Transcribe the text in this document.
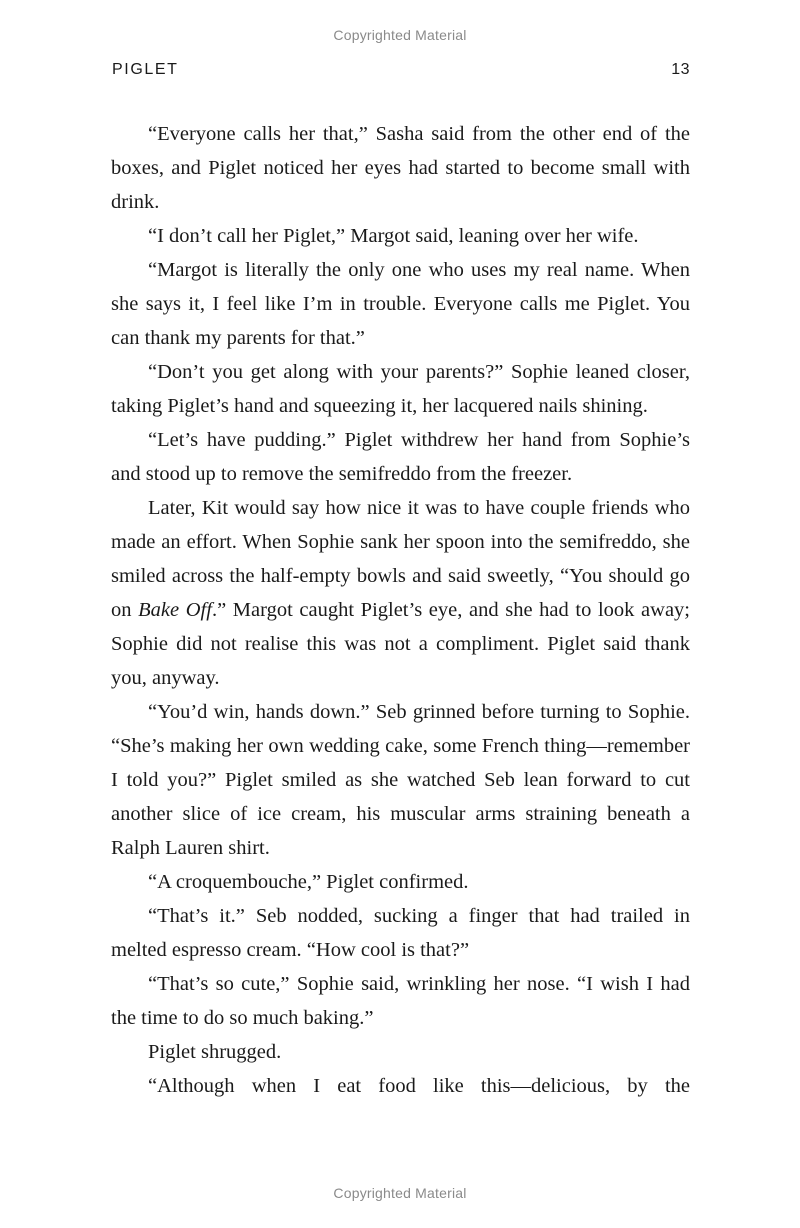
Copyrighted Material
PIGLET	13

“Everyone calls her that,” Sasha said from the other end of the boxes, and Piglet noticed her eyes had started to become small with drink.

“I don’t call her Piglet,” Margot said, leaning over her wife.

“Margot is literally the only one who uses my real name. When she says it, I feel like I’m in trouble. Everyone calls me Piglet. You can thank my parents for that.”

“Don’t you get along with your parents?” Sophie leaned closer, taking Piglet’s hand and squeezing it, her lacquered nails shining.

“Let’s have pudding.” Piglet withdrew her hand from Sophie’s and stood up to remove the semifreddo from the freezer.

Later, Kit would say how nice it was to have couple friends who made an effort. When Sophie sank her spoon into the semifreddo, she smiled across the half-empty bowls and said sweetly, “You should go on Bake Off.” Margot caught Piglet’s eye, and she had to look away; Sophie did not realise this was not a compliment. Piglet said thank you, anyway.

“You’d win, hands down.” Seb grinned before turning to Sophie. “She’s making her own wedding cake, some French thing—remember I told you?” Piglet smiled as she watched Seb lean forward to cut another slice of ice cream, his muscular arms straining beneath a Ralph Lauren shirt.

“A croquembouche,” Piglet confirmed.

“That’s it.” Seb nodded, sucking a finger that had trailed in melted espresso cream. “How cool is that?”

“That’s so cute,” Sophie said, wrinkling her nose. “I wish I had the time to do so much baking.”

Piglet shrugged.

“Although when I eat food like this—delicious, by the

Copyrighted Material
